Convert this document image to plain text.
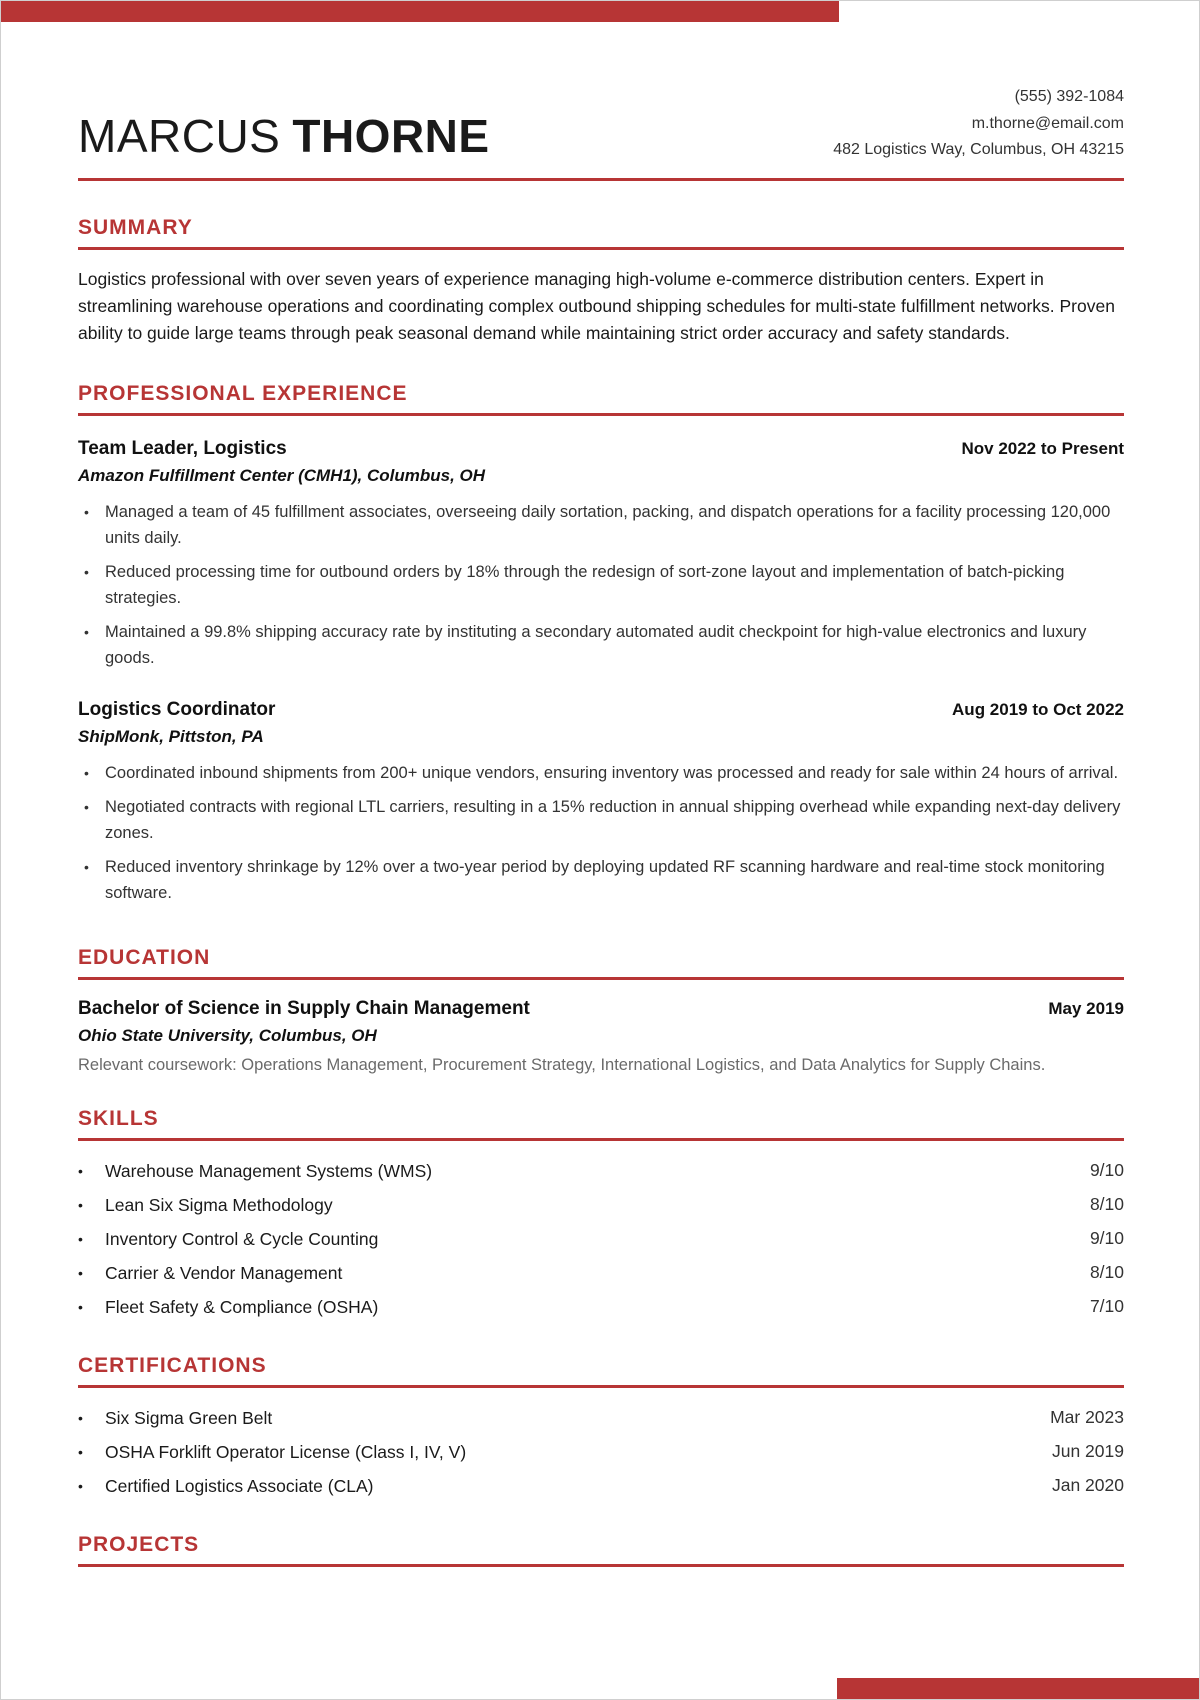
MARCUS THORNE
(555) 392-1084
m.thorne@email.com
482 Logistics Way, Columbus, OH 43215
SUMMARY

Logistics professional with over seven years of experience managing high-volume e-commerce distribution centers. Expert in streamlining warehouse operations and coordinating complex outbound shipping schedules for multi-state fulfillment networks. Proven ability to guide large teams through peak seasonal demand while maintaining strict order accuracy and safety standards.

PROFESSIONAL EXPERIENCE
Team Leader, Logistics	Nov 2022 to Present
Amazon Fulfillment Center (CMH1), Columbus, OH
• Managed a team of 45 fulfillment associates, overseeing daily sortation, packing, and dispatch operations for a facility processing 120,000 units daily.
• Reduced processing time for outbound orders by 18% through the redesign of sort-zone layout and implementation of batch-picking strategies.
• Maintained a 99.8% shipping accuracy rate by instituting a secondary automated audit checkpoint for high-value electronics and luxury goods.
Logistics Coordinator	Aug 2019 to Oct 2022
ShipMonk, Pittston, PA
• Coordinated inbound shipments from 200+ unique vendors, ensuring inventory was processed and ready for sale within 24 hours of arrival.
• Negotiated contracts with regional LTL carriers, resulting in a 15% reduction in annual shipping overhead while expanding next-day delivery zones.
• Reduced inventory shrinkage by 12% over a two-year period by deploying updated RF scanning hardware and real-time stock monitoring software.
EDUCATION
Bachelor of Science in Supply Chain Management	May 2019
Ohio State University, Columbus, OH
Relevant coursework: Operations Management, Procurement Strategy, International Logistics, and Data Analytics for Supply Chains.
SKILLS
•	Warehouse Management Systems (WMS)	9/10
•	Lean Six Sigma Methodology	8/10
•	Inventory Control & Cycle Counting	9/10
•	Carrier & Vendor Management	8/10
•	Fleet Safety & Compliance (OSHA)	7/10
CERTIFICATIONS
•	Six Sigma Green Belt	Mar 2023
•	OSHA Forklift Operator License (Class I, IV, V)	Jun 2019
•	Certified Logistics Associate (CLA)	Jan 2020
PROJECTS
